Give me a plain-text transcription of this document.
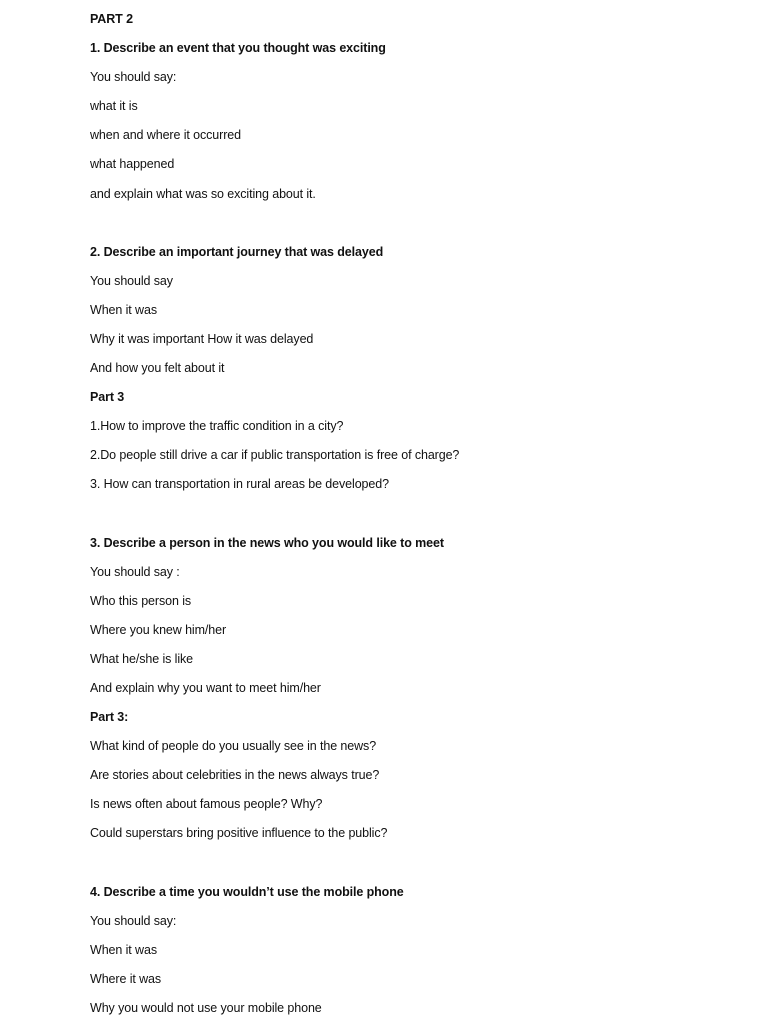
PART 2
1. Describe an event that you thought was exciting
You should say:
what it is
when and where it occurred
what happened
and explain what was so exciting about it.
2. Describe an important journey that was delayed
You should say
When it was
Why it was important How it was delayed
And how you felt about it
Part 3
1.How to improve the traffic condition in a city?
2.Do people still drive a car if public transportation is free of charge?
3. How can transportation in rural areas be developed?
3. Describe a person in the news who you would like to meet
You should say :
Who this person is
Where you knew him/her
What he/she is like
And explain why you want to meet him/her
Part 3:
What kind of people do you usually see in the news?
Are stories about celebrities in the news always true?
Is news often about famous people? Why?
Could superstars bring positive influence to the public?
4. Describe a time you wouldn’t use the mobile phone
You should say:
When it was
Where it was
Why you would not use your mobile phone
